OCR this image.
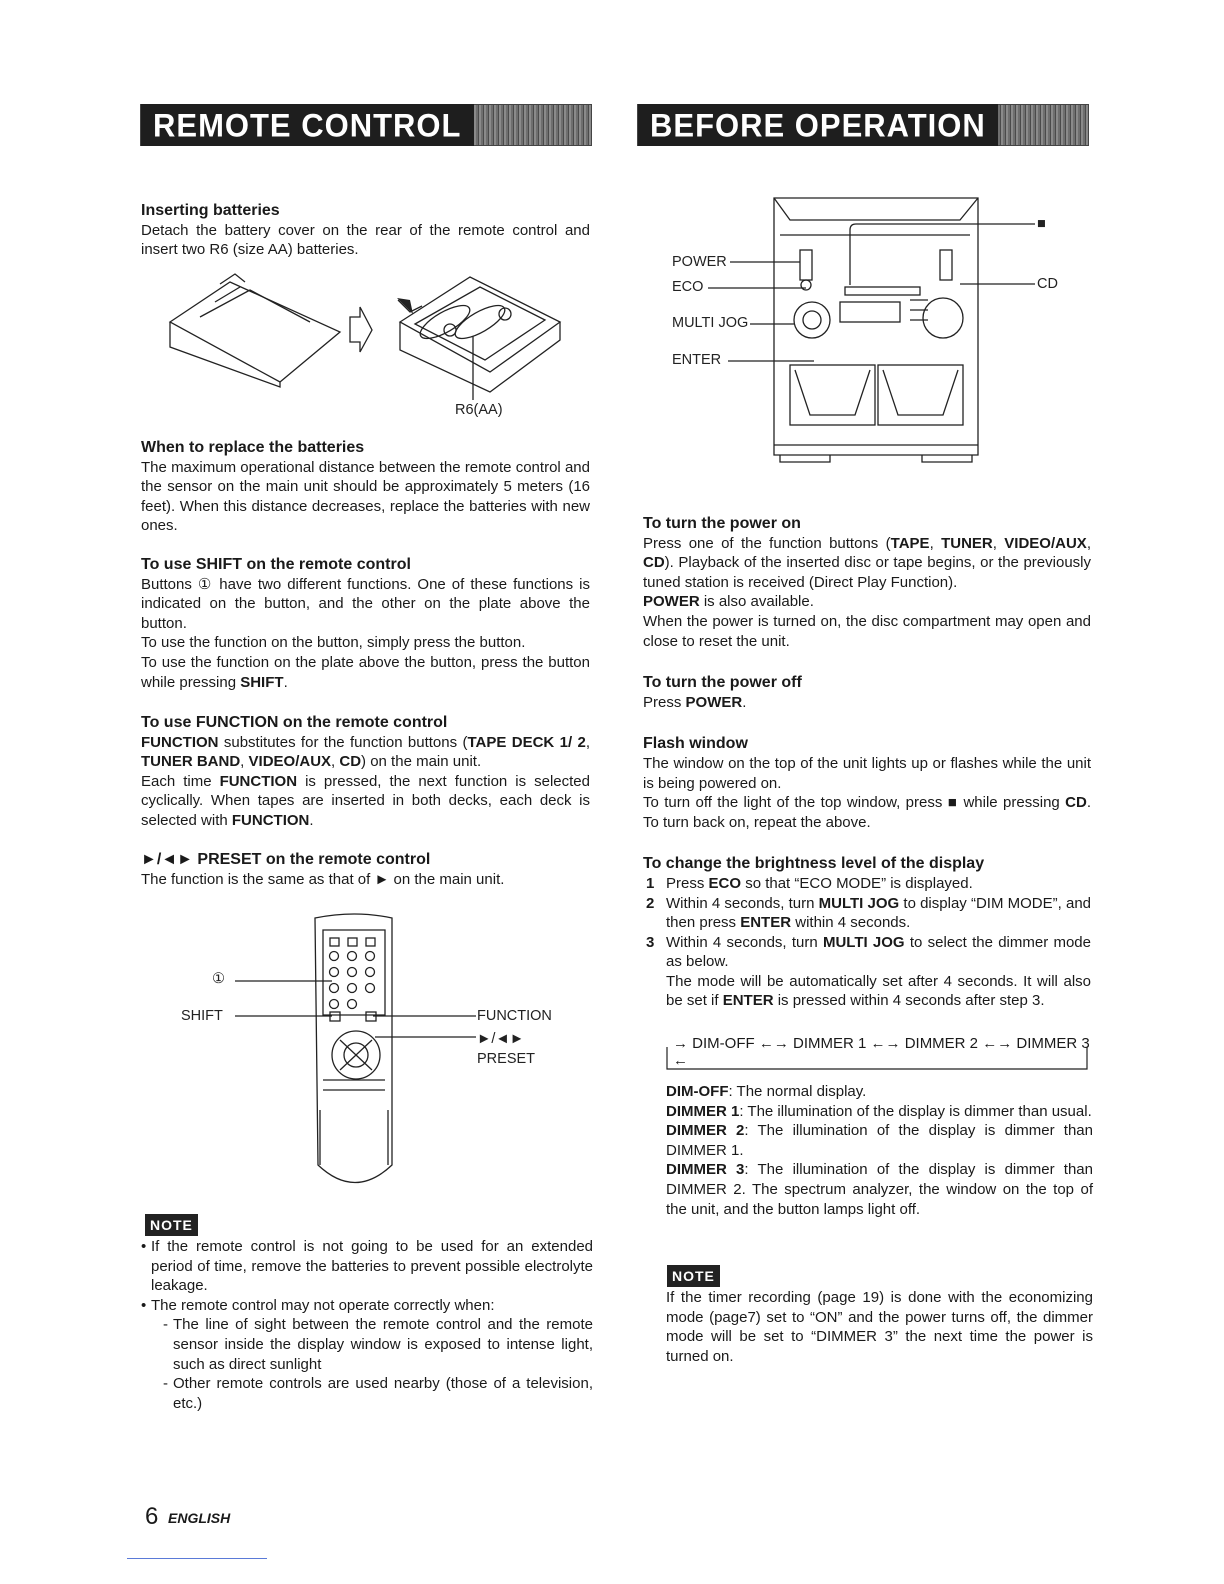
REMOTE CONTROL	BEFORE OPERATION

Inserting batteries

Detach the battery cover on the rear of the remote control and insert two R6 (size AA) batteries.

R6(AA)

When to replace the batteries

The maximum operational distance between the remote control and the sensor on the main unit should be approximately 5 meters (16 feet). When this distance decreases, replace the batteries with new ones.

To use SHIFT on the remote control

Buttons ① have two different functions. One of these functions is indicated on the button, and the other on the plate above the button.

To use the function on the button, simply press the button.

To use the function on the plate above the button, press the button while pressing SHIFT.

To use FUNCTION on the remote control

FUNCTION substitutes for the function buttons (TAPE DECK 1/ 2, TUNER BAND, VIDEO/AUX, CD) on the main unit.

Each time FUNCTION is pressed, the next function is selected cyclically. When tapes are inserted in both decks, each deck is selected with FUNCTION.

►/◄► PRESET on the remote control

The function is the same as that of ► on the main unit.

①
SHIFT	FUNCTION
►/◄►
PRESET
NOTE
• If the remote control is not going to be used for an extended period of time, remove the batteries to prevent possible electrolyte leakage.
• The remote control may not operate correctly when:
- The line of sight between the remote control and the remote sensor inside the display window is exposed to intense light, such as direct sunlight
- Other remote controls are used nearby (those of a television, etc.)
POWER
ECO
MULTI JOG
ENTER
■
CD

To turn the power on

Press one of the function buttons (TAPE, TUNER, VIDEO/AUX, CD). Playback of the inserted disc or tape begins, or the previously tuned station is received (Direct Play Function).

POWER is also available.

When the power is turned on, the disc compartment may open and close to reset the unit.

To turn the power off

Press POWER.

Flash window

The window on the top of the unit lights up or flashes while the unit is being powered on.

To turn off the light of the top window, press ■ while pressing CD. To turn back on, repeat the above.

To change the brightness level of the display

1 Press ECO so that “ECO MODE” is displayed.
2 Within 4 seconds, turn MULTI JOG to display “DIM MODE”, and then press ENTER within 4 seconds.
3 Within 4 seconds, turn MULTI JOG to select the dimmer mode as below.
The mode will be automatically set after 4 seconds. It will also be set if ENTER is pressed within 4 seconds after step 3.
→ DIM-OFF ←→ DIMMER 1 ←→ DIMMER 2 ←→ DIMMER 3 ←

DIM-OFF: The normal display.

DIMMER 1: The illumination of the display is dimmer than usual.

DIMMER 2: The illumination of the display is dimmer than DIMMER 1.

DIMMER 3: The illumination of the display is dimmer than DIMMER 2. The spectrum analyzer, the window on the top of the unit, and the button lamps light off.

NOTE

If the timer recording (page 19) is done with the economizing mode (page7) set to “ON” and the power turns off, the dimmer mode will be set to “DIMMER 3” the next time the power is turned on.

6 ENGLISH
